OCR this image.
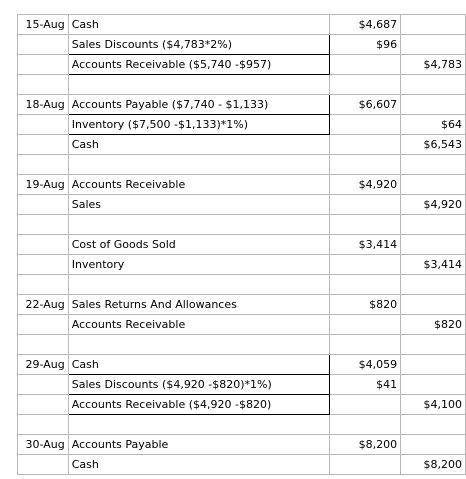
15-Aug	Cash	$4,687	
	Sales Discounts ($4,783*2%)	$96	
	Accounts Receivable ($5,740 -$957)		$4,783

18-Aug	Accounts Payable ($7,740 - $1,133)	$6,607	
	Inventory ($7,500 -$1,133)*1%)		$64
	Cash		$6,543

19-Aug	Accounts Receivable	$4,920	
	Sales		$4,920

	Cost of Goods Sold	$3,414	
	Inventory		$3,414

22-Aug	Sales Returns And Allowances	$820	
	Accounts Receivable		$820

29-Aug	Cash	$4,059	
	Sales Discounts ($4,920 -$820)*1%)	$41	
	Accounts Receivable ($4,920 -$820)		$4,100

30-Aug	Accounts Payable	$8,200	
	Cash		$8,200
